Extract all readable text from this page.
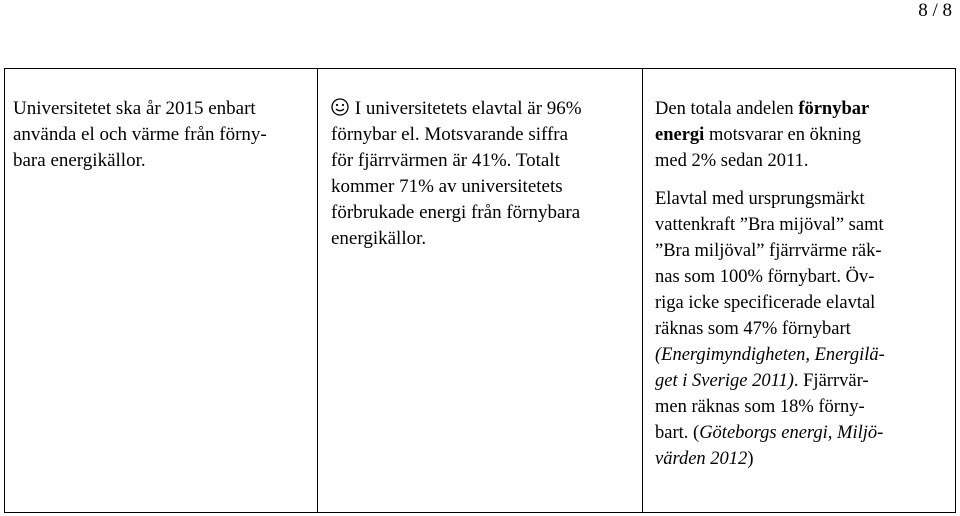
8 / 8
Universitetet ska år 2015 enbart
använda el och värme från förny-
bara energikällor.
I universitetets elavtal är 96%
förnybar el. Motsvarande siffra
för fjärrvärmen är 41%. Totalt
kommer 71% av universitetets
förbrukade energi från förnybara
energikällor.
Den totala andelen förnybar
energi motsvarar en ökning
med 2% sedan 2011.
Elavtal med ursprungsmärkt
vattenkraft ”Bra mijöval” samt
”Bra miljöval” fjärrvärme räk-
nas som 100% förnybart. Öv-
riga icke specificerade elavtal
räknas som 47% förnybart
(Energimyndigheten, Energilä-
get i Sverige 2011). Fjärrvär-
men räknas som 18% förny-
bart. (Göteborgs energi, Miljö-
värden 2012)
